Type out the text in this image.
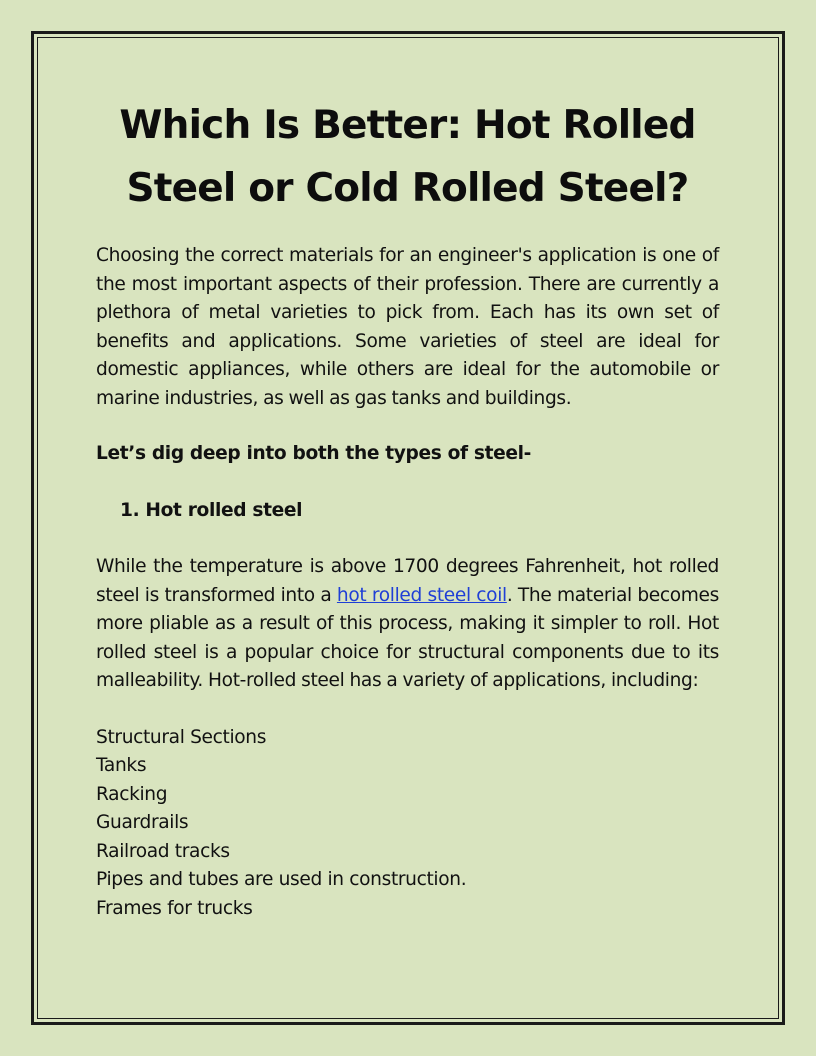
Which Is Better: Hot Rolled Steel or Cold Rolled Steel?

Choosing the correct materials for an engineer's application is one of the most important aspects of their profession. There are currently a plethora of metal varieties to pick from. Each has its own set of benefits and applications. Some varieties of steel are ideal for domestic appliances, while others are ideal for the automobile or marine industries, as well as gas tanks and buildings.

Let’s dig deep into both the types of steel-

1. Hot rolled steel

While the temperature is above 1700 degrees Fahrenheit, hot rolled steel is transformed into a hot rolled steel coil. The material becomes more pliable as a result of this process, making it simpler to roll. Hot rolled steel is a popular choice for structural components due to its malleability. Hot-rolled steel has a variety of applications, including:

Structural Sections
Tanks
Racking
Guardrails
Railroad tracks
Pipes and tubes are used in construction.
Frames for trucks
